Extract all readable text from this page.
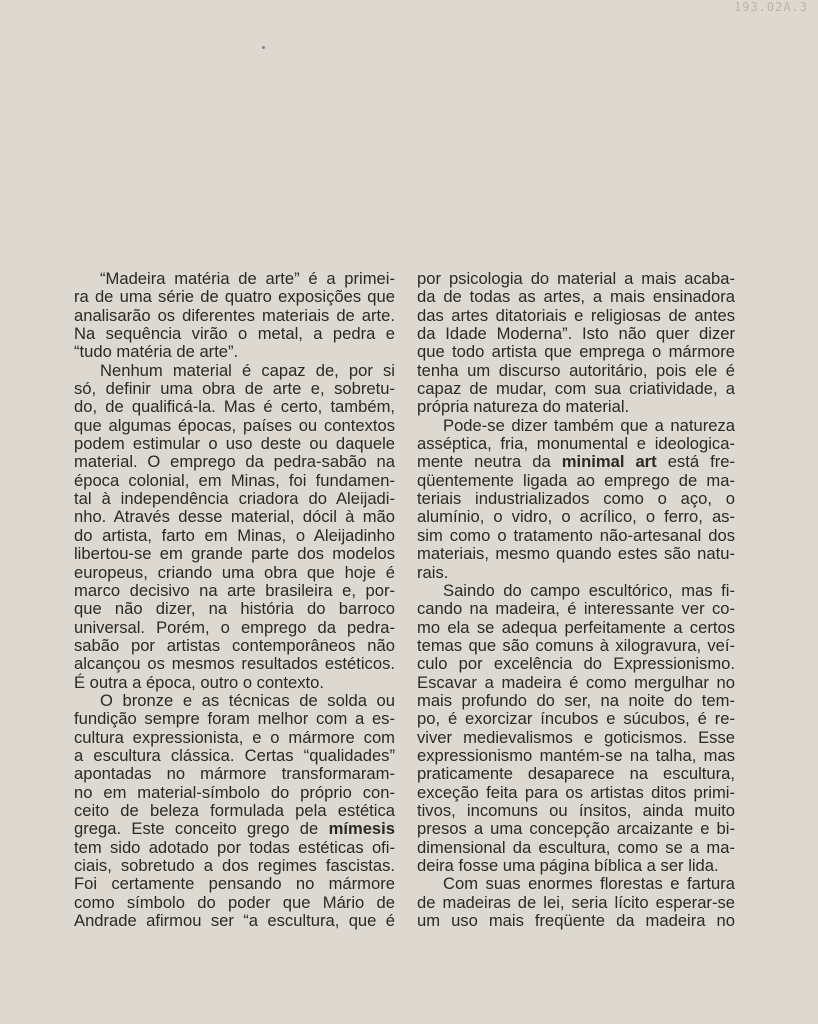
193.02A.3
“Madeira matéria de arte” é a primei-
ra de uma série de quatro exposições que
analisarão os diferentes materiais de arte.
Na sequência virão o metal, a pedra e
“tudo matéria de arte”.
Nenhum material é capaz de, por si
só, definir uma obra de arte e, sobretu-
do, de qualificá-la. Mas é certo, também,
que algumas épocas, países ou contextos
podem estimular o uso deste ou daquele
material. O emprego da pedra-sabão na
época colonial, em Minas, foi fundamen-
tal à independência criadora do Aleijadi-
nho. Através desse material, dócil à mão
do artista, farto em Minas, o Aleijadinho
libertou-se em grande parte dos modelos
europeus, criando uma obra que hoje é
marco decisivo na arte brasileira e, por-
que não dizer, na história do barroco
universal. Porém, o emprego da pedra-
sabão por artistas contemporâneos não
alcançou os mesmos resultados estéticos.
É outra a época, outro o contexto.
O bronze e as técnicas de solda ou
fundição sempre foram melhor com a es-
cultura expressionista, e o mármore com
a escultura clássica. Certas “qualidades”
apontadas no mármore transformaram-
no em material-símbolo do próprio con-
ceito de beleza formulada pela estética
grega. Este conceito grego de mímesis
tem sido adotado por todas estéticas ofi-
ciais, sobretudo a dos regimes fascistas.
Foi certamente pensando no mármore
como símbolo do poder que Mário de
Andrade afirmou ser “a escultura, que é
por psicologia do material a mais acaba-
da de todas as artes, a mais ensinadora
das artes ditatoriais e religiosas de antes
da Idade Moderna”. Isto não quer dizer
que todo artista que emprega o mármore
tenha um discurso autoritário, pois ele é
capaz de mudar, com sua criatividade, a
própria natureza do material.
Pode-se dizer também que a natureza
asséptica, fria, monumental e ideologica-
mente neutra da minimal art está fre-
qüentemente ligada ao emprego de ma-
teriais industrializados como o aço, o
alumínio, o vidro, o acrílico, o ferro, as-
sim como o tratamento não-artesanal dos
materiais, mesmo quando estes são natu-
rais.
Saindo do campo escultórico, mas fi-
cando na madeira, é interessante ver co-
mo ela se adequa perfeitamente a certos
temas que são comuns à xilogravura, veí-
culo por excelência do Expressionismo.
Escavar a madeira é como mergulhar no
mais profundo do ser, na noite do tem-
po, é exorcizar íncubos e súcubos, é re-
viver medievalismos e goticismos. Esse
expressionismo mantém-se na talha, mas
praticamente desaparece na escultura,
exceção feita para os artistas ditos primi-
tivos, incomuns ou ínsitos, ainda muito
presos a uma concepção arcaizante e bi-
dimensional da escultura, como se a ma-
deira fosse uma página bíblica a ser lida.
Com suas enormes florestas e fartura
de madeiras de lei, seria lícito esperar-se
um uso mais freqüente da madeira no
